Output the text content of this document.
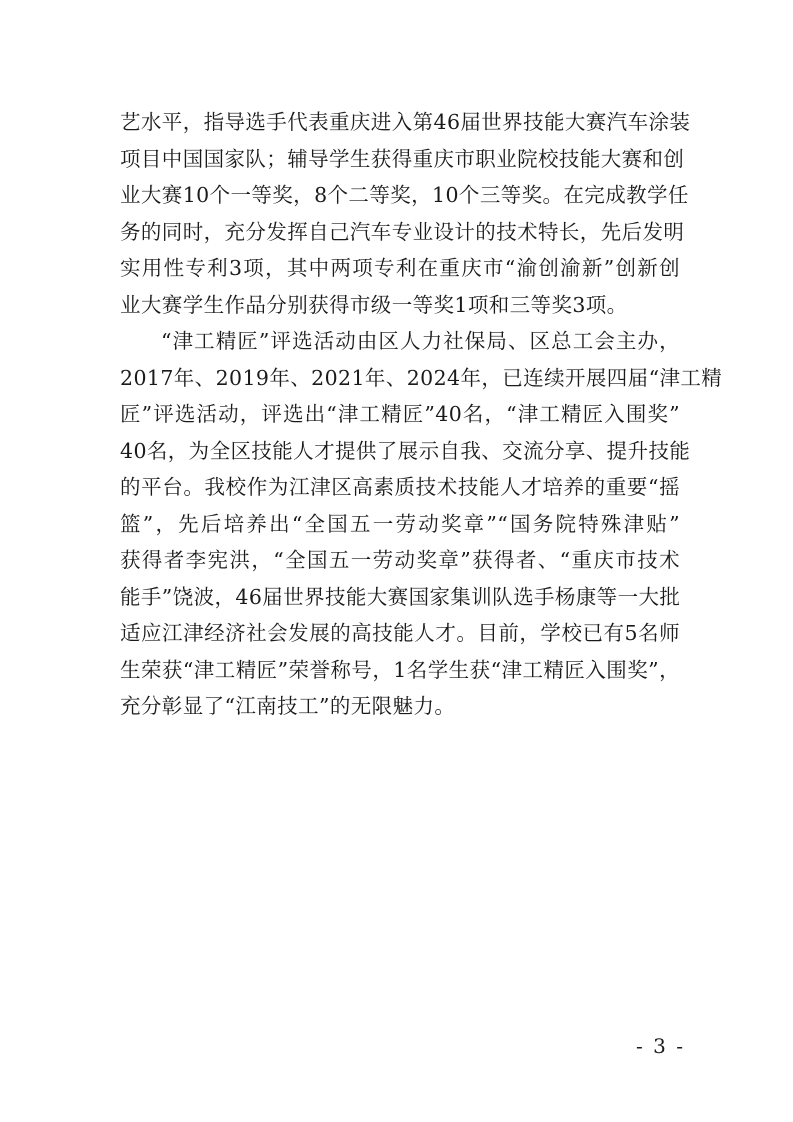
艺水平，指导选手代表重庆进入第46届世界技能大赛汽车涂装
项目中国国家队；辅导学生获得重庆市职业院校技能大赛和创
业大赛10个一等奖，8个二等奖，10个三等奖。在完成教学任
务的同时，充分发挥自己汽车专业设计的技术特长，先后发明
实用性专利3项，其中两项专利在重庆市“渝创渝新”创新创
业大赛学生作品分别获得市级一等奖1项和三等奖3项。
“津工精匠”评选活动由区人力社保局、区总工会主办，
2017年、2019年、2021年、2024年，已连续开展四届“津工精
匠”评选活动，评选出“津工精匠”40名，“津工精匠入围奖”
40名，为全区技能人才提供了展示自我、交流分享、提升技能
的平台。我校作为江津区高素质技术技能人才培养的重要“摇
篮”，先后培养出“全国五一劳动奖章”“国务院特殊津贴”
获得者李宪洪，“全国五一劳动奖章”获得者、“重庆市技术
能手”饶波，46届世界技能大赛国家集训队选手杨康等一大批
适应江津经济社会发展的高技能人才。目前，学校已有5名师
生荣获“津工精匠”荣誉称号，1名学生获“津工精匠入围奖”，
充分彰显了“江南技工”的无限魅力。
- 3 -
